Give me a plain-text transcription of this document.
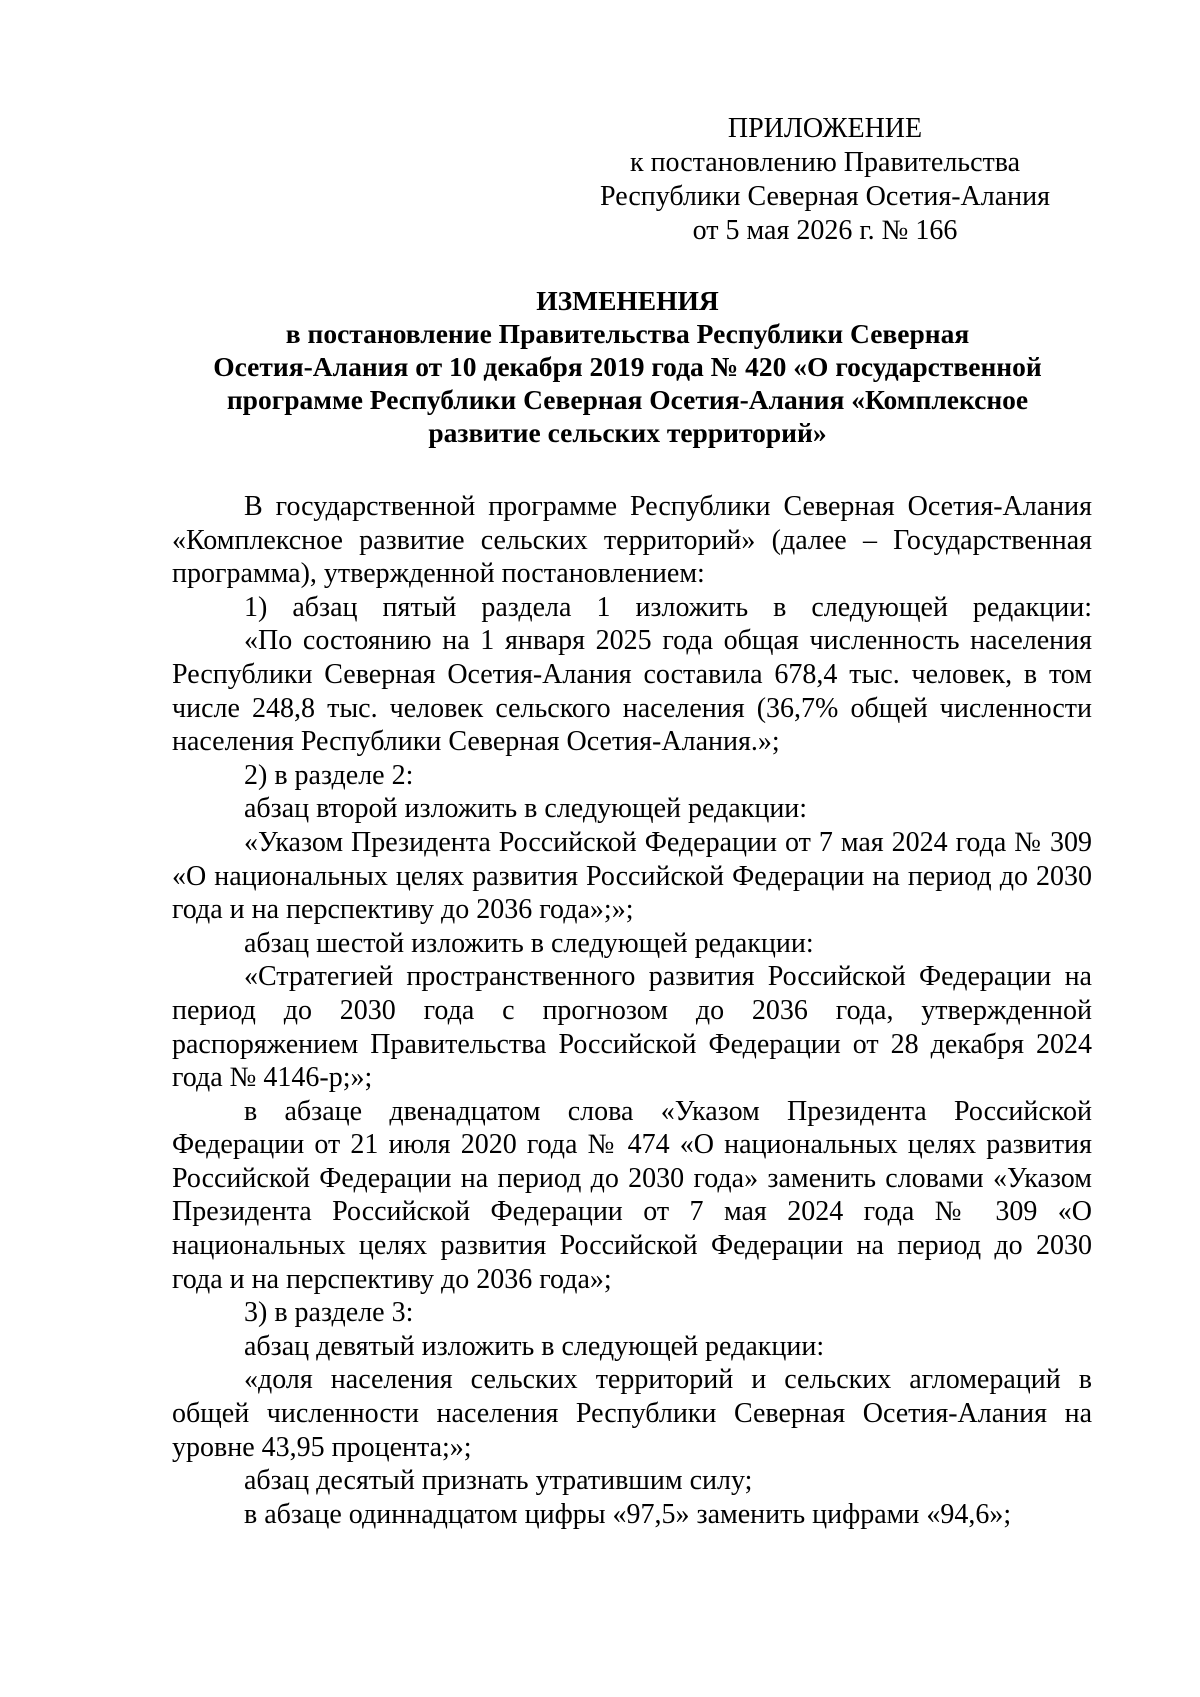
ПРИЛОЖЕНИЕ
к постановлению Правительства
Республики Северная Осетия-Алания
от 5 мая 2026 г. № 166
ИЗМЕНЕНИЯ
в постановление Правительства Республики Северная
Осетия-Алания от 10 декабря 2019 года № 420 «О государственной
программе Республики Северная Осетия-Алания «Комплексное
развитие сельских территорий»

В государственной программе Республики Северная Осетия-Алания «Комплексное развитие сельских территорий» (далее – Государственная программа), утвержденной постановлением:

1) абзац пятый раздела 1 изложить в следующей редакции:

«По состоянию на 1 января 2025 года общая численность населения Республики Северная Осетия-Алания составила 678,4 тыс. человек, в том числе 248,8 тыс. человек сельского населения (36,7% общей численности населения Республики Северная Осетия-Алания.»;

2) в разделе 2:

абзац второй изложить в следующей редакции:

«Указом Президента Российской Федерации от 7 мая 2024 года № 309 «О национальных целях развития Российской Федерации на период до 2030 года и на перспективу до 2036 года»;»;

абзац шестой изложить в следующей редакции:

«Стратегией пространственного развития Российской Федерации на период до 2030 года с прогнозом до 2036 года, утвержденной распоряжением Правительства Российской Федерации от 28 декабря 2024 года № 4146-р;»;

в абзаце двенадцатом слова «Указом Президента Российской Федерации от 21 июля 2020 года № 474 «О национальных целях развития Российской Федерации на период до 2030 года» заменить словами «Указом Президента Российской Федерации от 7 мая 2024 года № 309 «О национальных целях развития Российской Федерации на период до 2030 года и на перспективу до 2036 года»;

3) в разделе 3:

абзац девятый изложить в следующей редакции:

«доля населения сельских территорий и сельских агломераций в общей численности населения Республики Северная Осетия-Алания на уровне 43,95 процента;»;

абзац десятый признать утратившим силу;

в абзаце одиннадцатом цифры «97,5» заменить цифрами «94,6»;
